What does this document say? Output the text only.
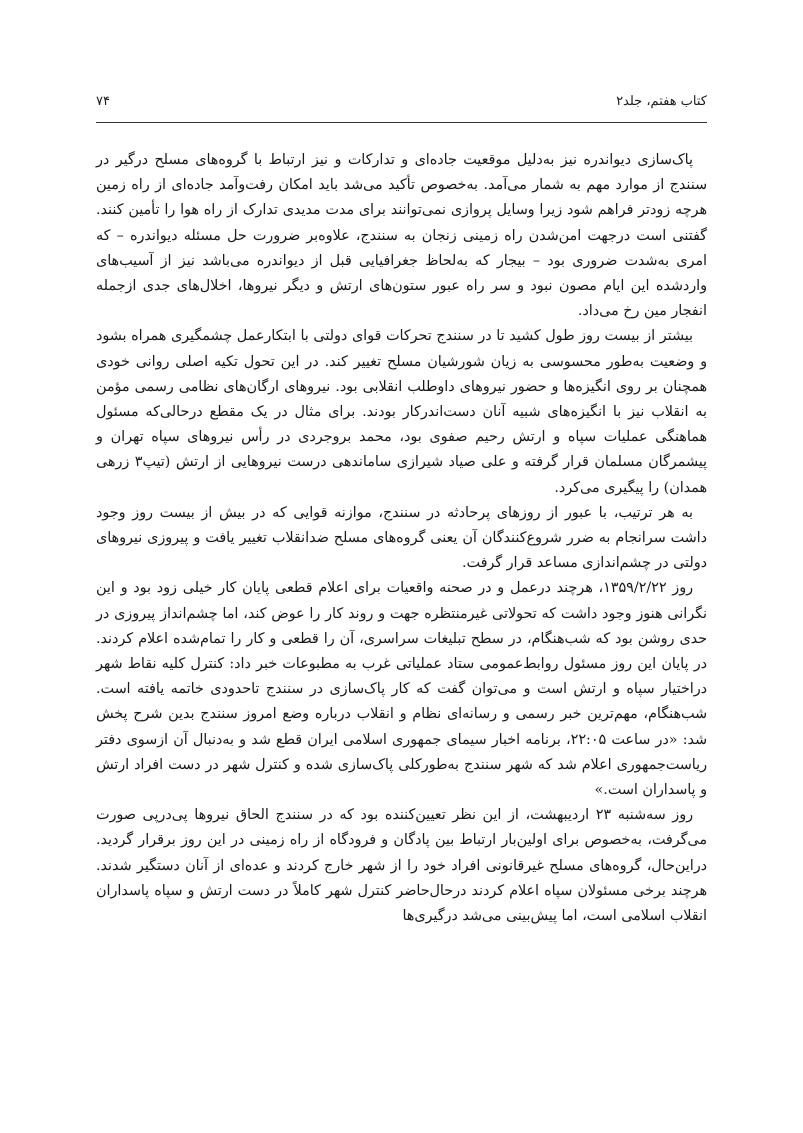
کتاب هفتم، جلد۲
۷۴

پاک‌سازی دیواندره نیز به‌دلیل موقعیت جاده‌ای و تدارکات و نیز ارتباط با گروه‌های مسلح درگیر در سنندج از موارد مهم به شمار می‌آمد. به‌خصوص تأکید می‌شد باید امکان رفت‌وآمد جاده‌ای از راه زمین هرچه زودتر فراهم شود زیرا وسایل پروازی نمی‌توانند برای مدت مدیدی تدارک از راه هوا را تأمین کنند. گفتنی است درجهت امن‌شدن راه زمینی زنجان به سنندج، علاوه‌بر ضرورت حل مسئله دیواندره – که امری به‌شدت ضروری بود – بیجار که به‌لحاظ جغرافیایی قبل از دیواندره می‌باشد نیز از آسیب‌های واردشده این ایام مصون نبود و سر راه عبور ستون‌های ارتش و دیگر نیروها، اخلال‌های جدی ازجمله انفجار مین رخ می‌داد.

بیشتر از بیست روز طول کشید تا در سنندج تحرکات قوای دولتی با ابتکارعمل چشمگیری همراه بشود و وضعیت به‌طور محسوسی به زیان شورشیان مسلح تغییر کند. در این تحول تکیه اصلی روانی خودی همچنان بر روی انگیزه‌ها و حضور نیروهای داوطلب انقلابی بود. نیروهای ارگان‌های نظامی رسمی مؤمن به انقلاب نیز با انگیزه‌های شبیه آنان دست‌اندرکار بودند. برای مثال در یک مقطع درحالی‌که مسئول هماهنگی عملیات سپاه و ارتش رحیم صفوی بود، محمد بروجردی در رأس نیروهای سپاه تهران و پیشمرگان مسلمان قرار گرفته و علی صیاد شیرازی ساماندهی درست نیروهایی از ارتش (تیپ۳ زرهی همدان) را پیگیری می‌کرد.

به هر ترتیب، با عبور از روزهای پرحادثه در سنندج، موازنه قوایی که در بیش از بیست روز وجود داشت سرانجام به ضرر شروع‌کنندگان آن یعنی گروه‌های مسلح ضدانقلاب تغییر یافت و پیروزی نیروهای دولتی در چشم‌اندازی مساعد قرار گرفت.

روز ۱۳۵۹/۲/۲۲، هرچند درعمل و در صحنه واقعیات برای اعلام قطعی پایان کار خیلی زود بود و این نگرانی هنوز وجود داشت که تحولاتی غیرمنتظره جهت و روند کار را عوض کند، اما چشم‌انداز پیروزی در حدی روشن بود که شب‌هنگام، در سطح تبلیغات سراسری، آن را قطعی و کار را تمام‌شده اعلام کردند. در پایان این روز مسئول روابط‌عمومی ستاد عملیاتی غرب به مطبوعات خبر داد: کنترل کلیه نقاط شهر دراختیار سپاه و ارتش است و می‌توان گفت که کار پاک‌سازی در سنندج تاحدودی خاتمه یافته است. شب‌هنگام، مهم‌ترین خبر رسمی و رسانه‌ای نظام و انقلاب درباره وضع امروز سنندج بدین شرح پخش شد: «در ساعت ۲۲:۰۵، برنامه اخبار سیمای جمهوری اسلامی ایران قطع شد و به‌دنبال آن ازسوی دفتر ریاست‌جمهوری اعلام شد که شهر سنندج به‌طورکلی پاک‌سازی شده و کنترل شهر در دست افراد ارتش و پاسداران است.»

روز سه‌شنبه ۲۳ اردیبهشت، از این نظر تعیین‌کننده بود که در سنندج الحاق نیروها پی‌درپی صورت می‌گرفت، به‌خصوص برای اولین‌بار ارتباط بین پادگان و فرودگاه از راه زمینی در این روز برقرار گردید. دراین‌حال، گروه‌های مسلح غیرقانونی افراد خود را از شهر خارج کردند و عده‌ای از آنان دستگیر شدند. هرچند برخی مسئولان سپاه اعلام کردند درحال‌حاضر کنترل شهر کاملاً در دست ارتش و سپاه پاسداران انقلاب اسلامی است، اما پیش‌بینی می‌شد درگیری‌ها
